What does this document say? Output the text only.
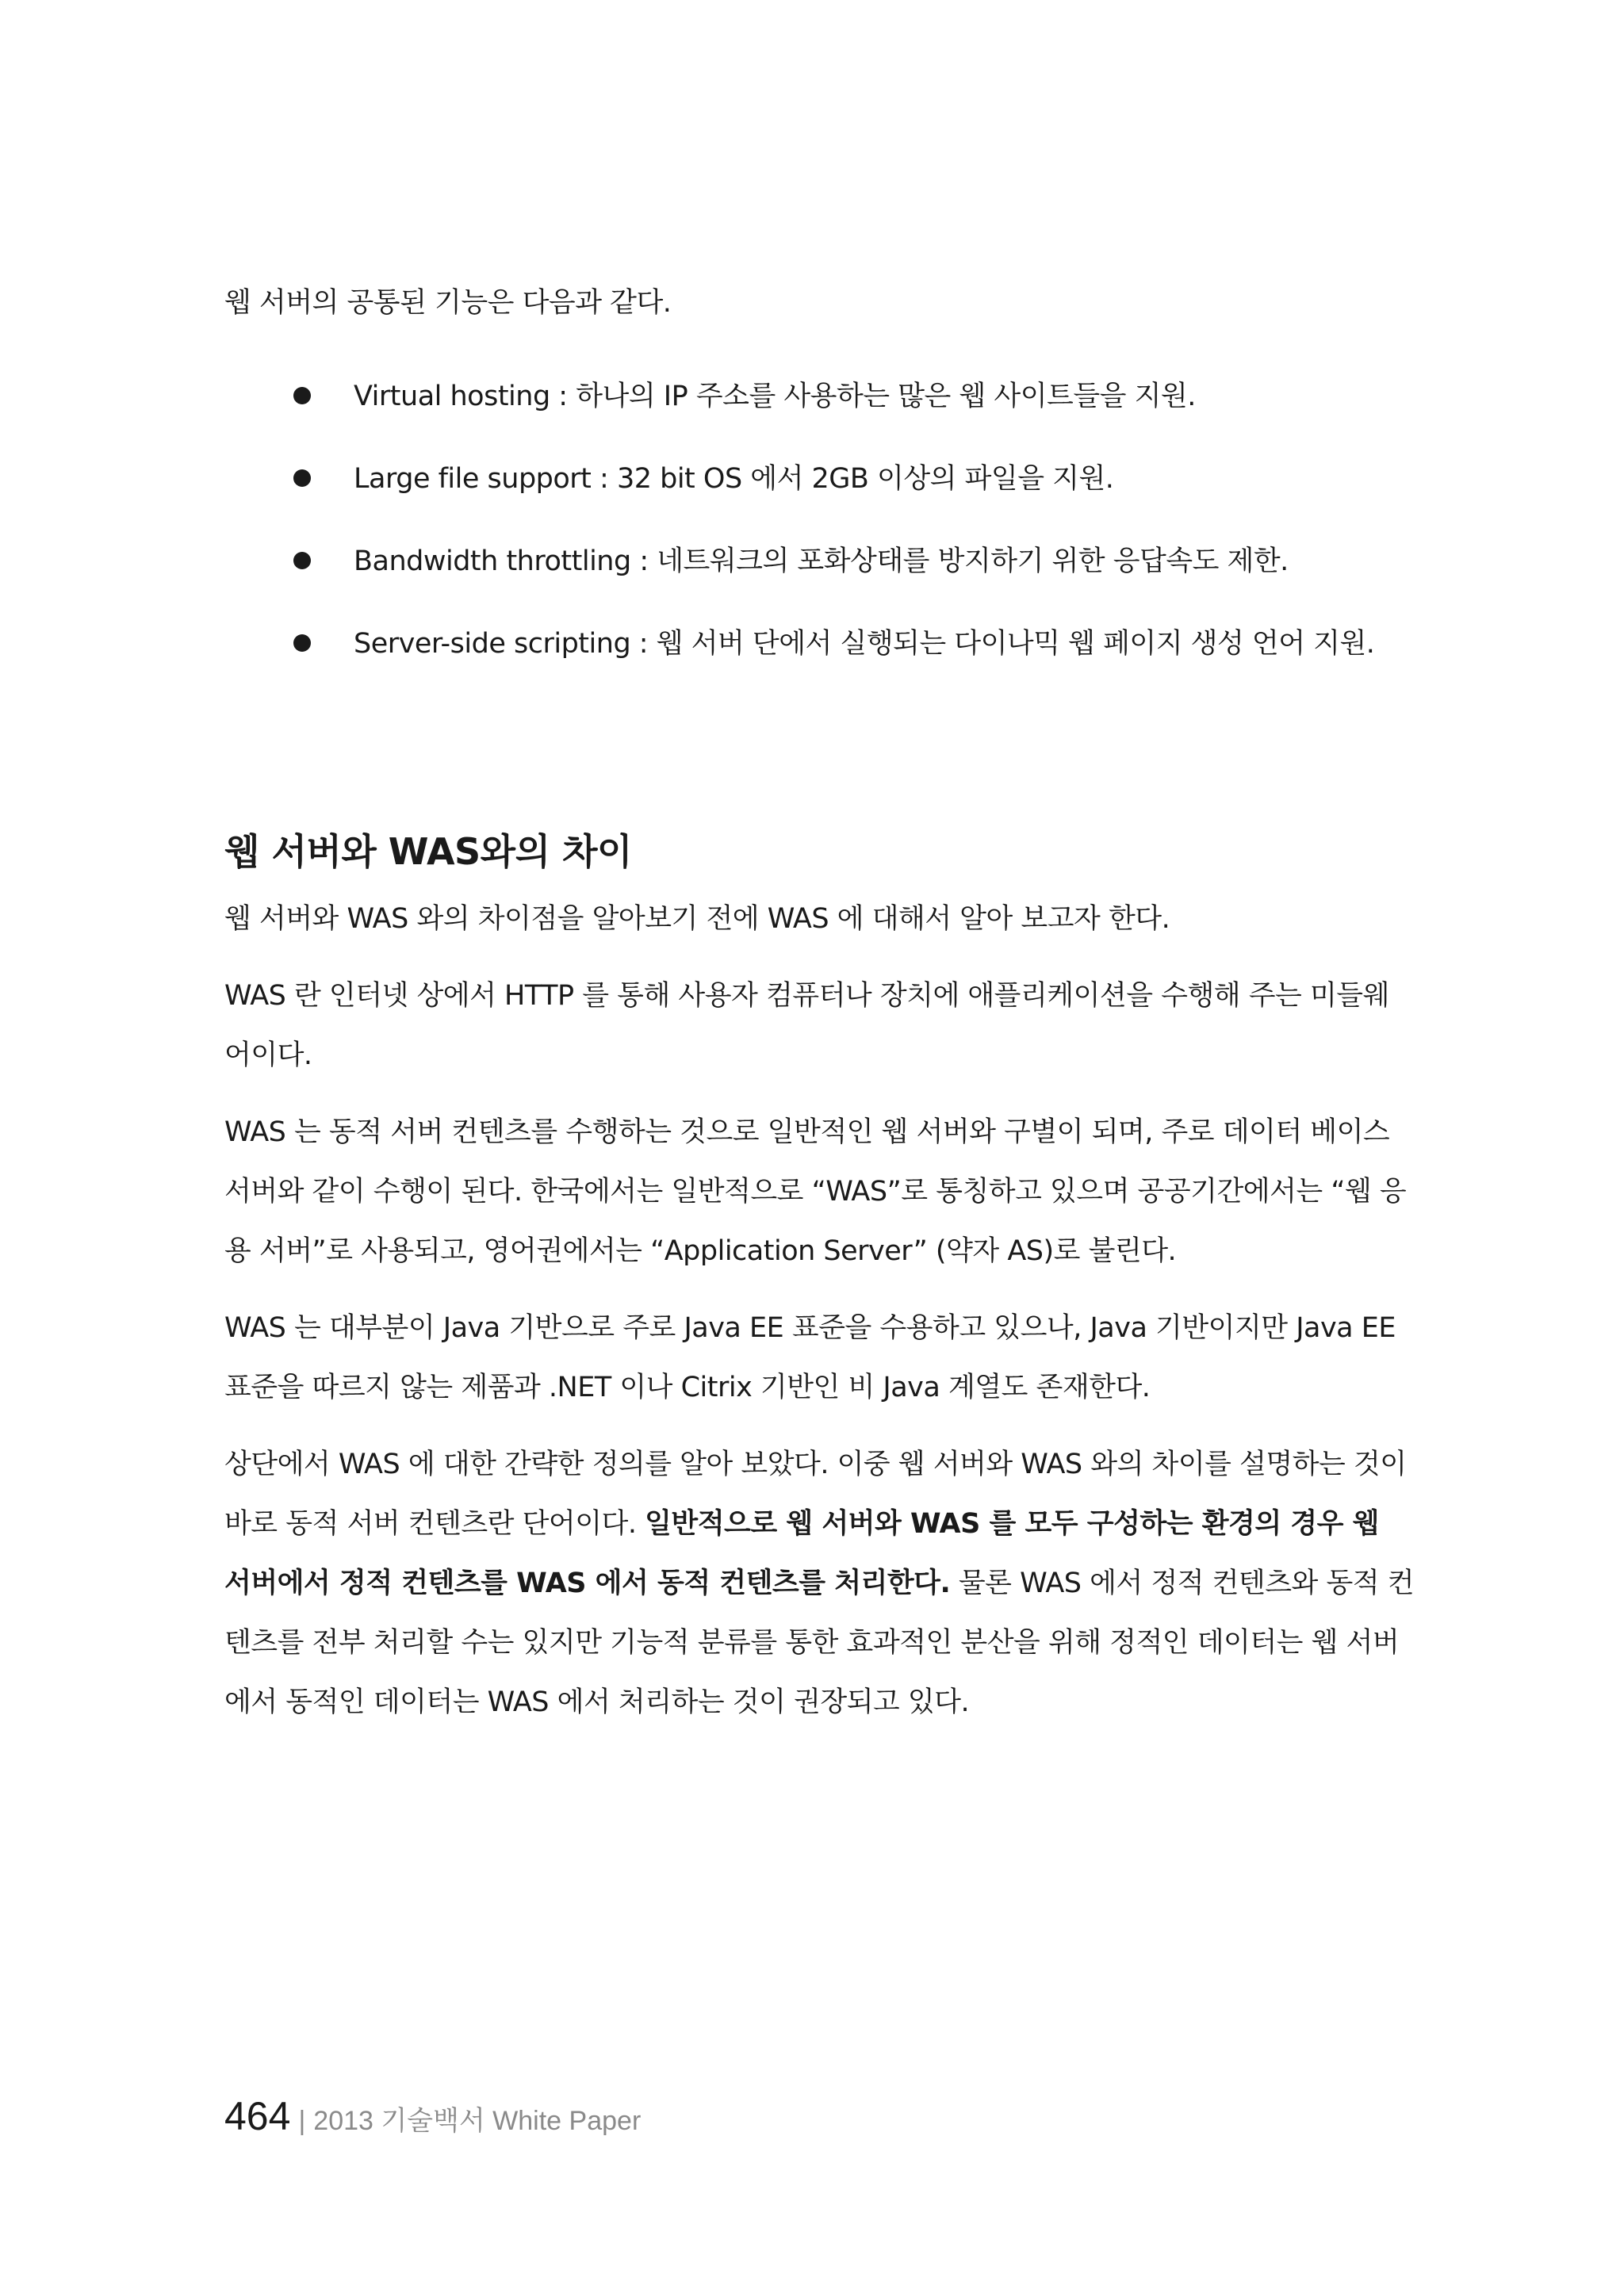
웹 서버의 공통된 기능은 다음과 같다.

Virtual hosting : 하나의 IP 주소를 사용하는 많은 웹 사이트들을 지원.
Large file support : 32 bit OS 에서 2GB 이상의 파일을 지원.
Bandwidth throttling : 네트워크의 포화상태를 방지하기 위한 응답속도 제한.
Server-side scripting : 웹 서버 단에서 실행되는 다이나믹 웹 페이지 생성 언어 지원.
웹 서버와 WAS와의 차이

웹 서버와 WAS 와의 차이점을 알아보기 전에 WAS 에 대해서 알아 보고자 한다.

WAS 란 인터넷 상에서 HTTP 를 통해 사용자 컴퓨터나 장치에 애플리케이션을 수행해 주는 미들웨어이다.

WAS 는 동적 서버 컨텐츠를 수행하는 것으로 일반적인 웹 서버와 구별이 되며, 주로 데이터 베이스 서버와 같이 수행이 된다. 한국에서는 일반적으로 “WAS”로 통칭하고 있으며 공공기간에서는 “웹 응용 서버”로 사용되고, 영어권에서는 “Application Server” (약자 AS)로 불린다.

WAS 는 대부분이 Java 기반으로 주로 Java EE 표준을 수용하고 있으나, Java 기반이지만 Java EE 표준을 따르지 않는 제품과 .NET 이나 Citrix 기반인 비 Java 계열도 존재한다.

상단에서 WAS 에 대한 간략한 정의를 알아 보았다. 이중 웹 서버와 WAS 와의 차이를 설명하는 것이 바로 동적 서버 컨텐츠란 단어이다. 일반적으로 웹 서버와 WAS 를 모두 구성하는 환경의 경우 웹 서버에서 정적 컨텐츠를 WAS 에서 동적 컨텐츠를 처리한다. 물론 WAS 에서 정적 컨텐츠와 동적 컨텐츠를 전부 처리할 수는 있지만 기능적 분류를 통한 효과적인 분산을 위해 정적인 데이터는 웹 서버에서 동적인 데이터는 WAS 에서 처리하는 것이 권장되고 있다.

464 | 2013 기술백서 White Paper
